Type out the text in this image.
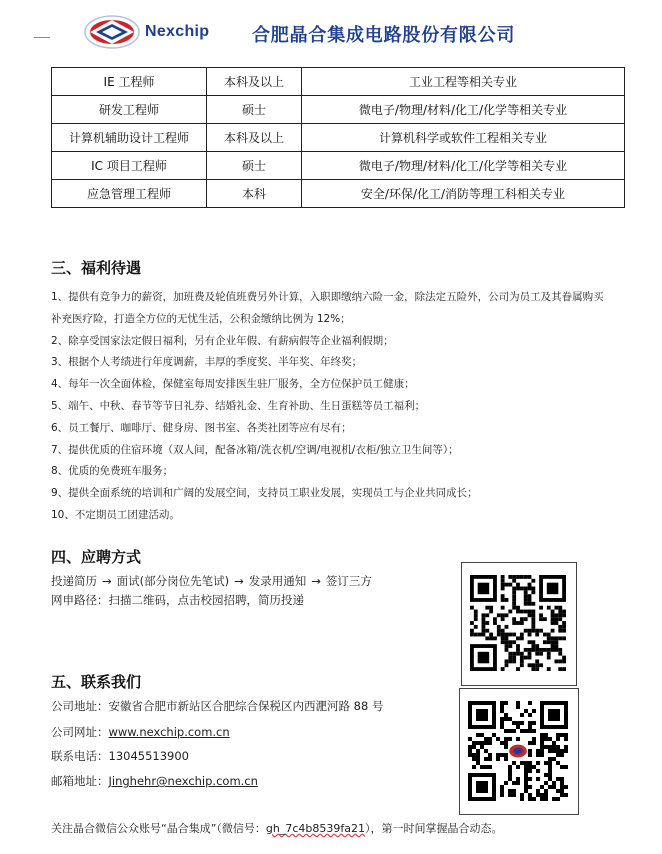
Nexchip 合肥晶合集成电路股份有限公司
IE 工程师	本科及以上	工业工程等相关专业
研发工程师	硕士	微电子/物理/材料/化工/化学等相关专业
计算机辅助设计工程师	本科及以上	计算机科学或软件工程相关专业
IC 项目工程师	硕士	微电子/物理/材料/化工/化学等相关专业
应急管理工程师	本科	安全/环保/化工/消防等理工科相关专业
三、福利待遇
1、提供有竞争力的薪资，加班费及轮值班费另外计算，入职即缴纳六险一金，除法定五险外，公司为员工及其眷属购买补充医疗险，打造全方位的无忧生活，公积金缴纳比例为 12%；
2、除享受国家法定假日福利，另有企业年假、有薪病假等企业福利假期；
3、根据个人考绩进行年度调薪，丰厚的季度奖、半年奖、年终奖；
4、每年一次全面体检，保健室每周安排医生驻厂服务，全方位保护员工健康；
5、端午、中秋、春节等节日礼券、结婚礼金、生育补助、生日蛋糕等员工福利；
6、员工餐厅、咖啡厅、健身房、图书室、各类社团等应有尽有；
7、提供优质的住宿环境（双人间，配备冰箱/洗衣机/空调/电视机/衣柜/独立卫生间等）；
8、优质的免费班车服务；
9、提供全面系统的培训和广阔的发展空间，支持员工职业发展，实现员工与企业共同成长；
10、不定期员工团建活动。
四、应聘方式
投递简历 → 面试(部分岗位先笔试) → 发录用通知 → 签订三方
网申路径：扫描二维码，点击校园招聘，简历投递
五、联系我们
公司地址：安徽省合肥市新站区合肥综合保税区内西淝河路 88 号
公司网址：www.nexchip.com.cn
联系电话：13045513900
邮箱地址：Jinghehr@nexchip.com.cn
关注晶合微信公众账号“晶合集成”（微信号：gh_7c4b8539fa21），第一时间掌握晶合动态。
